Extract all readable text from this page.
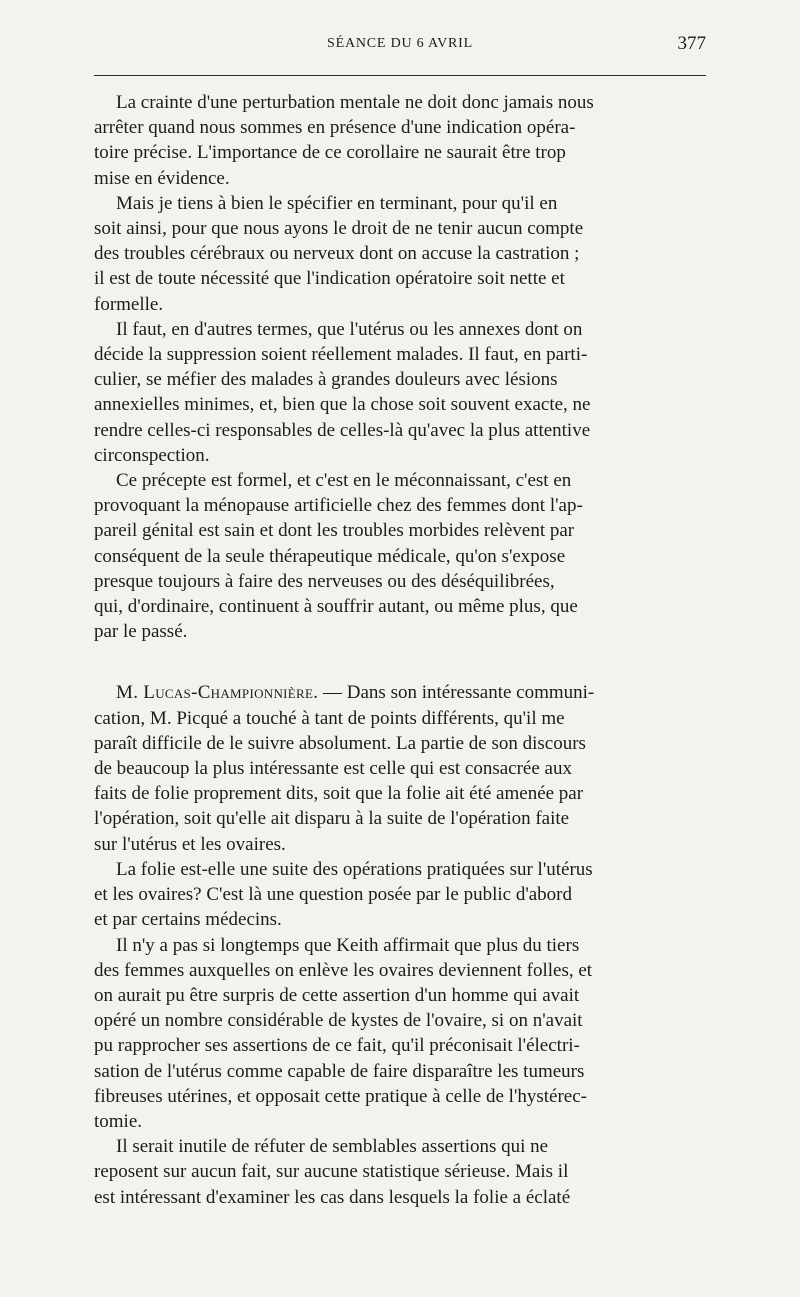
SÉANCE DU 6 AVRIL	377
La crainte d'une perturbation mentale ne doit donc jamais nous
arrêter quand nous sommes en présence d'une indication opéra-
toire précise. L'importance de ce corollaire ne saurait être trop
mise en évidence.
Mais je tiens à bien le spécifier en terminant, pour qu'il en
soit ainsi, pour que nous ayons le droit de ne tenir aucun compte
des troubles cérébraux ou nerveux dont on accuse la castration ;
il est de toute nécessité que l'indication opératoire soit nette et
formelle.
Il faut, en d'autres termes, que l'utérus ou les annexes dont on
décide la suppression soient réellement malades. Il faut, en parti-
culier, se méfier des malades à grandes douleurs avec lésions
annexielles minimes, et, bien que la chose soit souvent exacte, ne
rendre celles-ci responsables de celles-là qu'avec la plus attentive
circonspection.
Ce précepte est formel, et c'est en le méconnaissant, c'est en
provoquant la ménopause artificielle chez des femmes dont l'ap-
pareil génital est sain et dont les troubles morbides relèvent par
conséquent de la seule thérapeutique médicale, qu'on s'expose
presque toujours à faire des nerveuses ou des déséquilibrées,
qui, d'ordinaire, continuent à souffrir autant, ou même plus, que
par le passé.
M. Lucas-Championnière. — Dans son intéressante communi-
cation, M. Picqué a touché à tant de points différents, qu'il me
paraît difficile de le suivre absolument. La partie de son discours
de beaucoup la plus intéressante est celle qui est consacrée aux
faits de folie proprement dits, soit que la folie ait été amenée par
l'opération, soit qu'elle ait disparu à la suite de l'opération faite
sur l'utérus et les ovaires.
La folie est-elle une suite des opérations pratiquées sur l'utérus
et les ovaires? C'est là une question posée par le public d'abord
et par certains médecins.
Il n'y a pas si longtemps que Keith affirmait que plus du tiers
des femmes auxquelles on enlève les ovaires deviennent folles, et
on aurait pu être surpris de cette assertion d'un homme qui avait
opéré un nombre considérable de kystes de l'ovaire, si on n'avait
pu rapprocher ses assertions de ce fait, qu'il préconisait l'électri-
sation de l'utérus comme capable de faire disparaître les tumeurs
fibreuses utérines, et opposait cette pratique à celle de l'hystérec-
tomie.
Il serait inutile de réfuter de semblables assertions qui ne
reposent sur aucun fait, sur aucune statistique sérieuse. Mais il
est intéressant d'examiner les cas dans lesquels la folie a éclaté
